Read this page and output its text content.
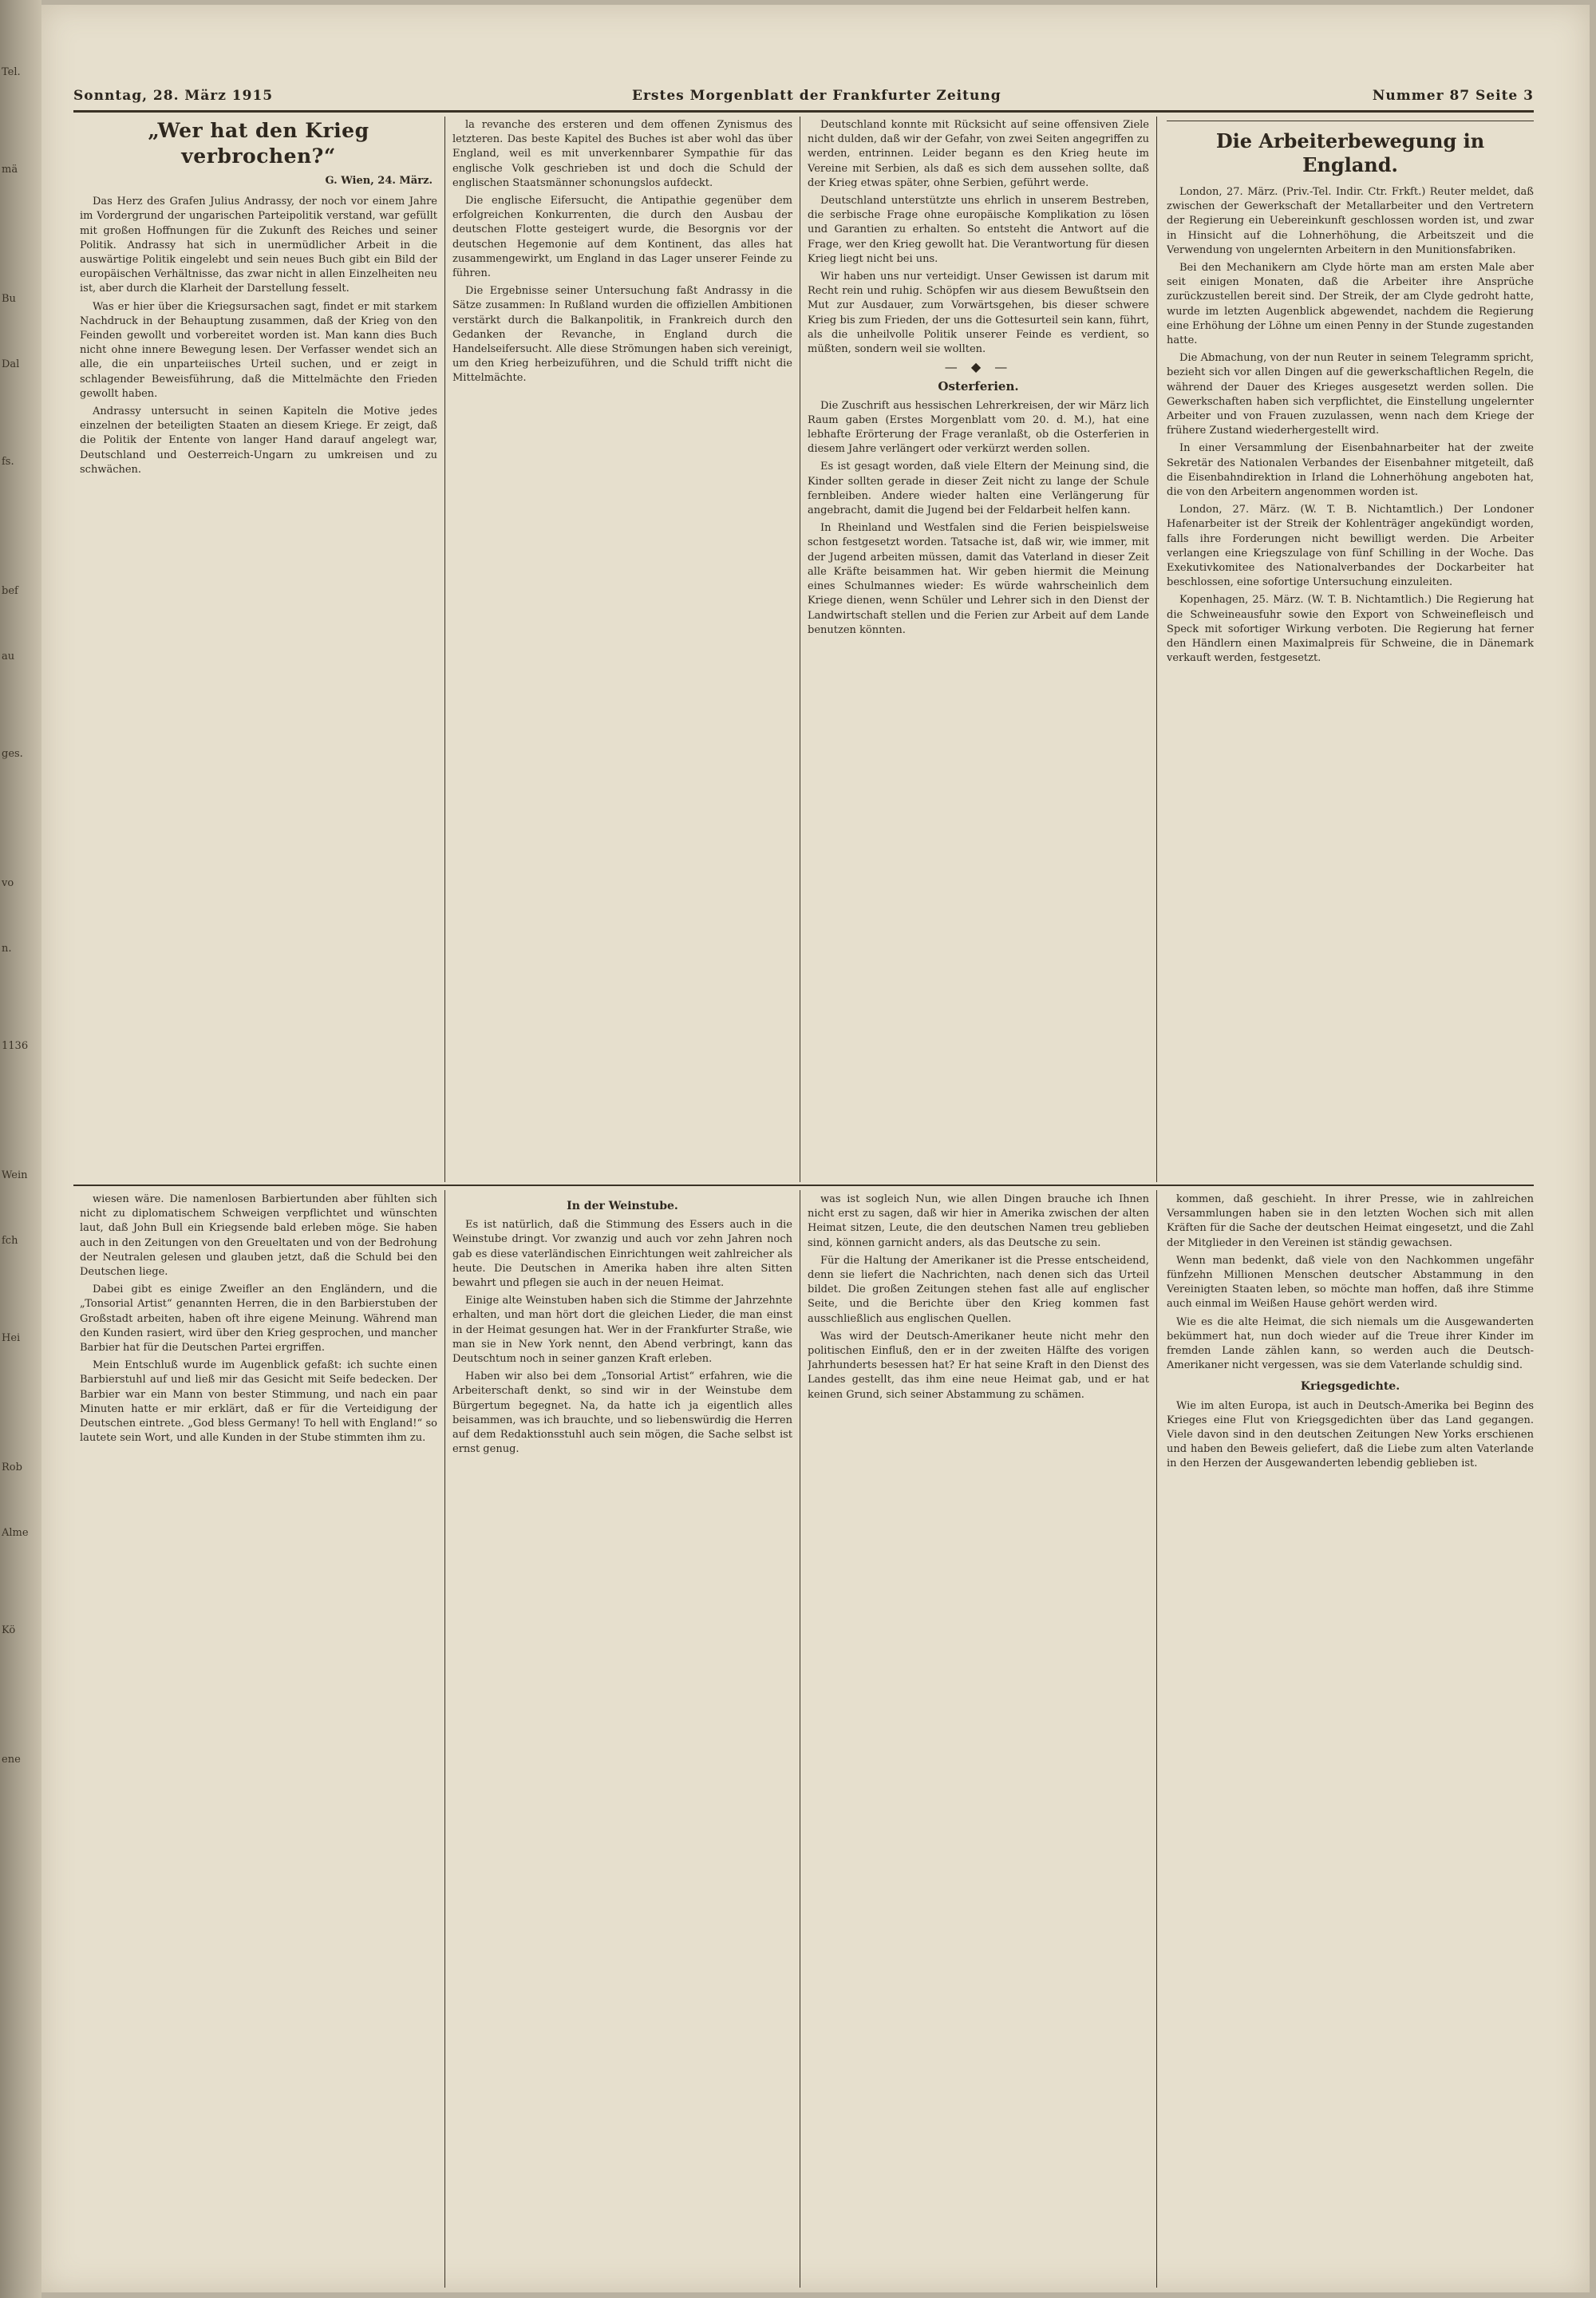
Tel.
mä
Bu
Dal
fs.
bef
au
ges.
vo
n.
1136
Wein
fch
Hei
Rob
Alme
Kö
ene
Sonntag, 28. März 1915	Erstes Morgenblatt der Frankfurter Zeitung	Nummer 87 Seite 3
„Wer hat den Krieg verbrochen?“
G. Wien, 24. März.

Das Herz des Grafen Julius Andrassy, der noch vor einem Jahre im Vordergrund der ungarischen Parteipolitik verstand, war gefüllt mit großen Hoffnungen für die Zukunft des Reiches und seiner Politik. Andrassy hat sich in unermüdlicher Arbeit in die auswärtige Politik eingelebt und sein neues Buch gibt ein Bild der europäischen Verhältnisse, das zwar nicht in allen Einzelheiten neu ist, aber durch die Klarheit der Darstellung fesselt.

Was er hier über die Kriegsursachen sagt, findet er mit starkem Nachdruck in der Behauptung zusammen, daß der Krieg von den Feinden gewollt und vorbereitet worden ist. Man kann dies Buch nicht ohne innere Bewegung lesen. Der Verfasser wendet sich an alle, die ein unparteiisches Urteil suchen, und er zeigt in schlagender Beweisführung, daß die Mittelmächte den Frieden gewollt haben.

Andrassy untersucht in seinen Kapiteln die Motive jedes einzelnen der beteiligten Staaten an diesem Kriege. Er zeigt, daß die Politik der Entente von langer Hand darauf angelegt war, Deutschland und Oesterreich-Ungarn zu umkreisen und zu schwächen.

la revanche des ersteren und dem offenen Zynismus des letzteren. Das beste Kapitel des Buches ist aber wohl das über England, weil es mit unverkennbarer Sympathie für das englische Volk geschrieben ist und doch die Schuld der englischen Staatsmänner schonungslos aufdeckt.

Die englische Eifersucht, die Antipathie gegenüber dem erfolgreichen Konkurrenten, die durch den Ausbau der deutschen Flotte gesteigert wurde, die Besorgnis vor der deutschen Hegemonie auf dem Kontinent, das alles hat zusammengewirkt, um England in das Lager unserer Feinde zu führen.

Die Ergebnisse seiner Untersuchung faßt Andrassy in die Sätze zusammen: In Rußland wurden die offiziellen Ambitionen verstärkt durch die Balkanpolitik, in Frankreich durch den Gedanken der Revanche, in England durch die Handelseifersucht. Alle diese Strömungen haben sich vereinigt, um den Krieg herbeizuführen, und die Schuld trifft nicht die Mittelmächte.

Deutschland konnte mit Rücksicht auf seine offensiven Ziele nicht dulden, daß wir der Gefahr, von zwei Seiten angegriffen zu werden, entrinnen. Leider begann es den Krieg heute im Vereine mit Serbien, als daß es sich dem aussehen sollte, daß der Krieg etwas später, ohne Serbien, geführt werde.

Deutschland unterstützte uns ehrlich in unserem Bestreben, die serbische Frage ohne europäische Komplikation zu lösen und Garantien zu erhalten. So entsteht die Antwort auf die Frage, wer den Krieg gewollt hat. Die Verantwortung für diesen Krieg liegt nicht bei uns.

Wir haben uns nur verteidigt. Unser Gewissen ist darum mit Recht rein und ruhig. Schöpfen wir aus diesem Bewußtsein den Mut zur Ausdauer, zum Vorwärtsgehen, bis dieser schwere Krieg bis zum Frieden, der uns die Gottesurteil sein kann, führt, als die unheilvolle Politik unserer Feinde es verdient, so müßten, sondern weil sie wollten.

— ◆ —
Osterferien.

Die Zuschrift aus hessischen Lehrerkreisen, der wir März lich Raum gaben (Erstes Morgenblatt vom 20. d. M.), hat eine lebhafte Erörterung der Frage veranlaßt, ob die Osterferien in diesem Jahre verlängert oder verkürzt werden sollen.

Es ist gesagt worden, daß viele Eltern der Meinung sind, die Kinder sollten gerade in dieser Zeit nicht zu lange der Schule fernbleiben. Andere wieder halten eine Verlängerung für angebracht, damit die Jugend bei der Feldarbeit helfen kann.

In Rheinland und Westfalen sind die Ferien beispielsweise schon festgesetzt worden. Tatsache ist, daß wir, wie immer, mit der Jugend arbeiten müssen, damit das Vaterland in dieser Zeit alle Kräfte beisammen hat. Wir geben hiermit die Meinung eines Schulmannes wieder: Es würde wahrscheinlich dem Kriege dienen, wenn Schüler und Lehrer sich in den Dienst der Landwirtschaft stellen und die Ferien zur Arbeit auf dem Lande benutzen könnten.

Die Arbeiterbewegung in England.

London, 27. März. (Priv.-Tel. Indir. Ctr. Frkft.) Reuter meldet, daß zwischen der Gewerkschaft der Metallarbeiter und den Vertretern der Regierung ein Uebereinkunft geschlossen worden ist, und zwar in Hinsicht auf die Lohnerhöhung, die Arbeitszeit und die Verwendung von ungelernten Arbeitern in den Munitionsfabriken.

Bei den Mechanikern am Clyde hörte man am ersten Male aber seit einigen Monaten, daß die Arbeiter ihre Ansprüche zurückzustellen bereit sind. Der Streik, der am Clyde gedroht hatte, wurde im letzten Augenblick abgewendet, nachdem die Regierung eine Erhöhung der Löhne um einen Penny in der Stunde zugestanden hatte.

Die Abmachung, von der nun Reuter in seinem Telegramm spricht, bezieht sich vor allen Dingen auf die gewerkschaftlichen Regeln, die während der Dauer des Krieges ausgesetzt werden sollen. Die Gewerkschaften haben sich verpflichtet, die Einstellung ungelernter Arbeiter und von Frauen zuzulassen, wenn nach dem Kriege der frühere Zustand wiederhergestellt wird.

In einer Versammlung der Eisenbahnarbeiter hat der zweite Sekretär des Nationalen Verbandes der Eisenbahner mitgeteilt, daß die Eisenbahndirektion in Irland die Lohnerhöhung angeboten hat, die von den Arbeitern angenommen worden ist.

London, 27. März. (W. T. B. Nichtamtlich.) Der Londoner Hafenarbeiter ist der Streik der Kohlenträger angekündigt worden, falls ihre Forderungen nicht bewilligt werden. Die Arbeiter verlangen eine Kriegszulage von fünf Schilling in der Woche. Das Exekutivkomitee des Nationalverbandes der Dockarbeiter hat beschlossen, eine sofortige Untersuchung einzuleiten.

Kopenhagen, 25. März. (W. T. B. Nichtamtlich.) Die Regierung hat die Schweineausfuhr sowie den Export von Schweinefleisch und Speck mit sofortiger Wirkung verboten. Die Regierung hat ferner den Händlern einen Maximalpreis für Schweine, die in Dänemark verkauft werden, festgesetzt.

wiesen wäre. Die namenlosen Barbiertunden aber fühlten sich nicht zu diplomatischem Schweigen verpflichtet und wünschten laut, daß John Bull ein Kriegsende bald erleben möge. Sie haben auch in den Zeitungen von den Greueltaten und von der Bedrohung der Neutralen gelesen und glauben jetzt, daß die Schuld bei den Deutschen liege.

Dabei gibt es einige Zweifler an den Engländern, und die „Tonsorial Artist“ genannten Herren, die in den Barbierstuben der Großstadt arbeiten, haben oft ihre eigene Meinung. Während man den Kunden rasiert, wird über den Krieg gesprochen, und mancher Barbier hat für die Deutschen Partei ergriffen.

Mein Entschluß wurde im Augenblick gefaßt: ich suchte einen Barbierstuhl auf und ließ mir das Gesicht mit Seife bedecken. Der Barbier war ein Mann von bester Stimmung, und nach ein paar Minuten hatte er mir erklärt, daß er für die Verteidigung der Deutschen eintrete. „God bless Germany! To hell with England!“ so lautete sein Wort, und alle Kunden in der Stube stimmten ihm zu.

In der Weinstube.

Es ist natürlich, daß die Stimmung des Essers auch in die Weinstube dringt. Vor zwanzig und auch vor zehn Jahren noch gab es diese vaterländischen Einrichtungen weit zahlreicher als heute. Die Deutschen in Amerika haben ihre alten Sitten bewahrt und pflegen sie auch in der neuen Heimat.

Einige alte Weinstuben haben sich die Stimme der Jahrzehnte erhalten, und man hört dort die gleichen Lieder, die man einst in der Heimat gesungen hat. Wer in der Frankfurter Straße, wie man sie in New York nennt, den Abend verbringt, kann das Deutschtum noch in seiner ganzen Kraft erleben.

Haben wir also bei dem „Tonsorial Artist“ erfahren, wie die Arbeiterschaft denkt, so sind wir in der Weinstube dem Bürgertum begegnet. Na, da hatte ich ja eigentlich alles beisammen, was ich brauchte, und so liebenswürdig die Herren auf dem Redaktionsstuhl auch sein mögen, die Sache selbst ist ernst genug.

was ist sogleich Nun, wie allen Dingen brauche ich Ihnen nicht erst zu sagen, daß wir hier in Amerika zwischen der alten Heimat sitzen, Leute, die den deutschen Namen treu geblieben sind, können garnicht anders, als das Deutsche zu sein.

Für die Haltung der Amerikaner ist die Presse entscheidend, denn sie liefert die Nachrichten, nach denen sich das Urteil bildet. Die großen Zeitungen stehen fast alle auf englischer Seite, und die Berichte über den Krieg kommen fast ausschließlich aus englischen Quellen.

Was wird der Deutsch-Amerikaner heute nicht mehr den politischen Einfluß, den er in der zweiten Hälfte des vorigen Jahrhunderts besessen hat? Er hat seine Kraft in den Dienst des Landes gestellt, das ihm eine neue Heimat gab, und er hat keinen Grund, sich seiner Abstammung zu schämen.

kommen, daß geschieht. In ihrer Presse, wie in zahlreichen Versammlungen haben sie in den letzten Wochen sich mit allen Kräften für die Sache der deutschen Heimat eingesetzt, und die Zahl der Mitglieder in den Vereinen ist ständig gewachsen.

Wenn man bedenkt, daß viele von den Nachkommen ungefähr fünfzehn Millionen Menschen deutscher Abstammung in den Vereinigten Staaten leben, so möchte man hoffen, daß ihre Stimme auch einmal im Weißen Hause gehört werden wird.

Wie es die alte Heimat, die sich niemals um die Ausgewanderten bekümmert hat, nun doch wieder auf die Treue ihrer Kinder im fremden Lande zählen kann, so werden auch die Deutsch-Amerikaner nicht vergessen, was sie dem Vaterlande schuldig sind.

Kriegsgedichte.

Wie im alten Europa, ist auch in Deutsch-Amerika bei Beginn des Krieges eine Flut von Kriegsgedichten über das Land gegangen. Viele davon sind in den deutschen Zeitungen New Yorks erschienen und haben den Beweis geliefert, daß die Liebe zum alten Vaterlande in den Herzen der Ausgewanderten lebendig geblieben ist.
